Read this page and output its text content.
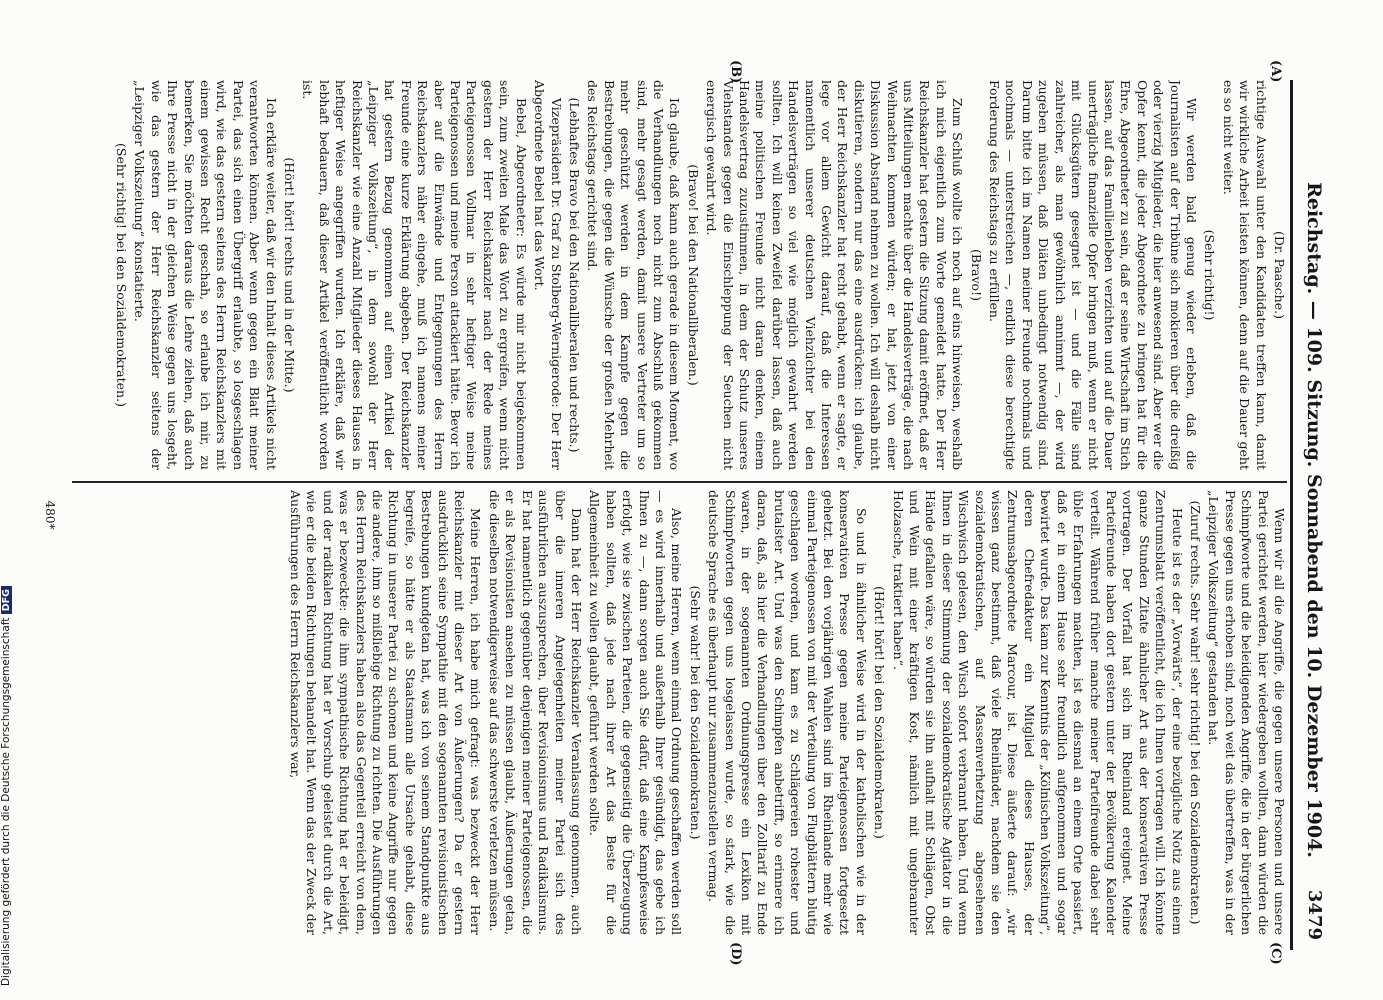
Reichstag. — 109. Sitzung. Sonnabend den 10. Dezember 1904.
3479
(A)
(B)
(C)
(D)

(Dr. Paasche.)

richtige Auswahl unter den Kandidaten treffen kann, damit wir wirkliche Arbeit leisten können, denn auf die Dauer geht es so nicht weiter.

(Sehr richtig!)

Wir werden bald genug wieder erleben, daß die Journalisten auf der Tribüne sich mokieren über die dreißig oder vierzig Mitglieder, die hier anwesend sind. Aber wer die Opfer kennt, die jeder Abgeordnete zu bringen hat für die Ehre, Abgeordneter zu sein, daß er seine Wirtschaft im Stich lassen, auf das Familienleben verzichten und auf die Dauer unerträgliche finanzielle Opfer bringen muß, wenn er nicht mit Glücksgütern gesegnet ist — und die Fälle sind zahlreicher, als man gewöhnlich annimmt —, der wird zugeben müssen, daß Diäten unbedingt notwendig sind. Darum bitte ich im Namen meiner Freunde nochmals und nochmals — unterstreichen —, endlich diese berechtigte Forderung des Reichstags zu erfüllen.

(Bravo!)

Zum Schluß wollte ich noch auf eins hinweisen, weshalb ich mich eigentlich zum Worte gemeldet hatte. Der Herr Reichskanzler hat gestern die Sitzung damit eröffnet, daß er uns Mitteilungen machte über die Handelsverträge, die nach Weihnachten kommen würden; er hat, jetzt von einer Diskussion Abstand nehmen zu wollen. Ich will deshalb nicht diskutieren, sondern nur das eine ausdrücken: ich glaube, der Herr Reichskanzler hat recht gehabt, wenn er sagte, er lege vor allem Gewicht darauf, daß die Interessen namentlich unserer deutschen Viehzüchter bei den Handelsverträgen so viel wie möglich gewahrt werden sollten. Ich will keinen Zweifel darüber lassen, daß auch meine politischen Freunde nicht daran denken, einem Handelsvertrag zuzustimmen, in dem der Schutz unseres Viehstandes gegen die Einschleppung der Seuchen nicht energisch gewahrt wird.

(Bravo! bei den Nationalliberalen.)

Ich glaube, daß kann auch gerade in diesem Moment, wo die Verhandlungen noch nicht zum Abschluß gekommen sind, mehr gesagt werden, damit unsere Vertreter um so mehr geschützt werden in dem Kampfe gegen die Bestrebungen, die gegen die Wünsche der großen Mehrheit des Reichstags gerichtet sind.

(Lebhaftes Bravo bei den Nationalliberalen und rechts.)

Vizepräsident Dr. Graf zu Stolberg-Wernigerode: Der Herr Abgeordnete Bebel hat das Wort.

Bebel, Abgeordneter: Es würde mir nicht beigekommen sein, zum zweiten Male das Wort zu ergreifen, wenn nicht gestern der Herr Reichskanzler nach der Rede meines Parteigenossen Vollmar in sehr heftiger Weise meine Parteigenossen und meine Person attackiert hätte. Bevor ich aber auf die Einwände und Entgegnungen des Herrn Reichskanzlers näher eingehe, muß ich namens meiner Freunde eine kurze Erklärung abgeben. Der Reichskanzler hat gestern Bezug genommen auf einen Artikel der „Leipziger Volkszeitung“, in dem sowohl der Herr Reichskanzler wie eine Anzahl Mitglieder dieses Hauses in heftiger Weise angegriffen wurden. Ich erkläre, daß wir lebhaft bedauern, daß dieser Artikel veröffentlicht worden ist.

(Hört! hört! rechts und in der Mitte.)

Ich erkläre weiter, daß wir den Inhalt dieses Artikels nicht verantworten können. Aber wenn gegen ein Blatt meiner Partei, das sich einen Übergriff erlaubte, so losgeschlagen wird, wie das gestern seitens des Herrn Reichskanzlers mit einem gewissen Recht geschah, so erlaube ich mir, zu bemerken, Sie möchten daraus die Lehre ziehen, daß auch Ihre Presse nicht in der gleichen Weise gegen uns losgeht, wie das gestern der Herr Reichskanzler seitens der „Leipziger Volkszeitung“ konstatierte.

(Sehr richtig! bei den Sozialdemokraten.)

Wenn wir all die Angriffe, die gegen unsere Personen und unsere Partei gerichtet werden, hier wiedergeben wollten, dann würden die Schimpfworte und die beleidigenden Angriffe, die in der bürgerlichen Presse gegen uns erhoben sind, noch weit das übertreffen, was in der „Leipziger Volkszeitung“ gestanden hat.

(Zuruf rechts. Sehr wahr! sehr richtig! bei den Sozialdemokraten.)

Heute ist es der „Vorwärts“, der eine bezügliche Notiz aus einem Zentrumsblatt veröffentlicht, die ich Ihnen vortragen will. Ich könnte ganze Stunden Zitate ähnlicher Art aus der konservativen Presse vortragen. Der Vorfall hat sich im Rheinland ereignet. Meine Parteifreunde haben dort gestern unter der Bevölkerung Kalender verteilt. Während früher manche meiner Parteifreunde dabei sehr üble Erfahrungen machten, ist es diesmal an einem Orte passiert, daß er in einem Hause sehr freundlich aufgenommen und sogar bewirtet wurde. Das kam zur Kenntnis der „Kölnischen Volkszeitung“, deren Chefredakteur ein Mitglied dieses Hauses, der Zentrumsabgeordnete Marcour, ist. Diese äußerte darauf: „wir wissen ganz bestimmt, daß viele Rheinländer, nachdem sie den sozialdemokratischen, auf Massenverhetzung abgesehenen Wischwisch gelesen, den Wisch sofort verbrannt haben. Und wenn Ihnen in dieser Stimmung der sozialdemokratische Agitator in die Hände gefallen wäre, so würden sie ihn aufhalt mit Schlägen, Obst und Wein mit einer kräftigen Kost, nämlich mit ungebrannter Holzasche, traktiert haben“.

(Hört! hört! bei den Sozialdemokraten.)

So und in ähnlicher Weise wird in der katholischen wie in der konservativen Presse gegen meine Parteigenossen fortgesetzt gehetzt. Bei den vorjährigen Wahlen sind im Rheinlande mehr wie einmal Parteigenossen von mit der Verteilung von Flugblättern blutig geschlagen worden, und kam es zu Schlägereien rohester und brutalster Art. Und was den Schimpfen anbetrifft, so erinnere ich daran, daß, als hier die Verhandlungen über den Zolltarif zu Ende waren, in der sogenannten Ordnungspresse ein Lexikon mit Schimpfworten gegen uns losgelassen wurde, so stark, wie die deutsche Sprache es überhaupt nur zusammenzustellen vermag.

(Sehr wahr! bei den Sozialdemokraten.)

Also, meine Herren, wenn einmal Ordnung geschaffen werden soll — es wird innerhalb und außerhalb Ihrer gesündigt, das gebe ich Ihnen zu —, dann sorgen auch Sie dafür, daß eine Kampfesweise erfolgt, wie sie zwischen Parteien, die gegenseitig die Überzeugung haben sollten, daß jede nach ihrer Art das Beste für die Allgemeinheit zu wollen glaubt, geführt werden sollte.

Dann hat der Herr Reichskanzler Veranlassung genommen, auch über die inneren Angelegenheiten meiner Partei sich des ausführlichen auszusprechen, über Revisionismus und Radikalismus. Er hat namentlich gegenüber denjenigen meiner Parteigenossen, die er als Revisionisten ansehen zu müssen glaubt, Äußerungen getan, die dieselben notwendigerweise auf das schwerste verletzen müssen.

Meine Herren, ich habe mich gefragt: was bezweckt der Herr Reichskanzler mit dieser Art von Äußerungen? Da er gestern ausdrücklich seine Sympathie mit den sogenannten revisionistischen Bestrebungen kundgetan hat, was ich von seinem Standpunkte aus begreife, so hätte er als Staatsmann alle Ursache gehabt, diese Richtung in unserer Partei zu schonen und keine Angriffe nur gegen die andere, ihm so mißliebige Richtung zu richten. Die Ausführungen des Herrn Reichskanzlers haben also das Gegenteil erreicht von dem, was er bezweckte: die ihm sympathische Richtung hat er beleidigt, und der radikalen Richtung hat er Vorschub geleistet durch die Art, wie er die beiden Richtungen behandelt hat. Wenn das der Zweck der Ausführungen des Herrn Reichskanzlers war,

480*
Digitalisierung gefördert durch die Deutsche Forschungsgemeinschaft DFG
